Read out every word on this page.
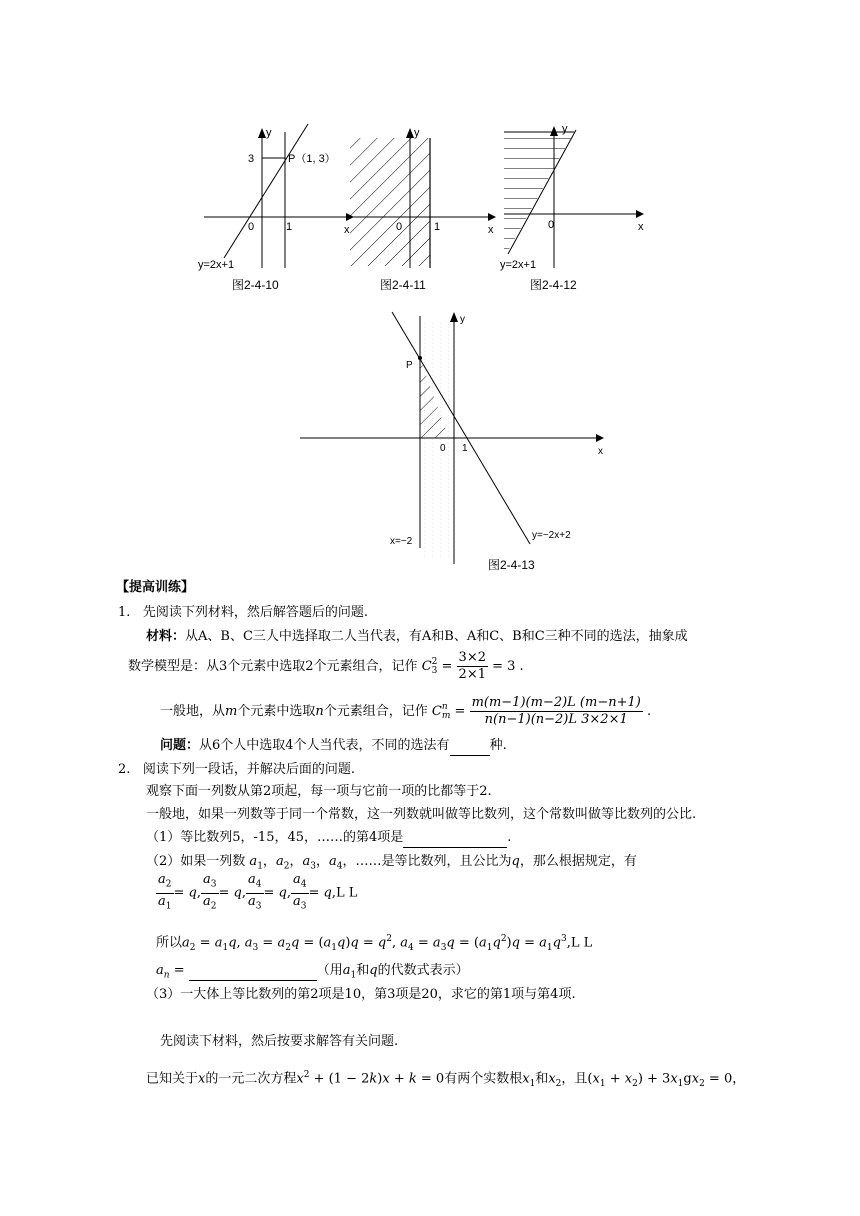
y
x
0	1
3	P（1, 3）
y=2x+1
图2-4-10
y
x
0	1
图2-4-11
y
x
0
y=2x+1
图2-4-12
y
x
0 1
P
x=−2
y=−2x+2
图2-4-13
【提高训练】
1. 先阅读下列材料，然后解答题后的问题.
材料：从A、B、C三人中选择取二人当代表，有A和B、A和C、B和C三种不同的选法，抽象成
数学模型是：从3个元素中选取2个元素组合，记作 C 2
$3 = \frac{3\times 2}{2\times 1} = 3$ .
一般地，从m个元素中选取n个元素组合，记作 C n
$m = \frac{m(m-1)(m-2)L (m-n+1)}{n(n-1)(n-2)L 3\times 2\times 1}$ .
问题：从6个人中选取4个人当代表，不同的选法有	种.
2. 阅读下列一段话，并解决后面的问题.
观察下面一列数从第2项起，每一项与它前一项的比都等于2.
一般地，如果一列数等于同一个常数，这一列数就叫做等比数列，这个常数叫做等比数列的公比.
（1）等比数列5，-15，45，……的第4项是	.
（2）如果一列数 $a_1$，$a_2$，$a_3$，$a_4$，……是等比数列，且公比为q，那么根据规定，有
$\frac{a_2}{a_1} = q$, $\frac{a_3}{a_2} = q$, $\frac{a_4}{a_3} = q$, $\frac{a_4}{a_3} = q,L$ L
所以$a_2 = a_1q$, $a_3 = a_2q = (a_1q)q = q^2$, $a_4 = a_3q = (a_1q^2)q = a_1q^3,L$ L
$a_n$ =	（用$a_1$和q的代数式表示）
（3）一大体上等比数列的第2项是10，第3项是20，求它的第1项与第4项.
先阅读下材料，然后按要求解答有关问题.
已知关于x的一元二次方程$x^2 + (1 - 2k)x + k = 0$有两个实数根$x_1$和$x_2$，且$(x_1 + x_2) + 3x_1gx_2 = 0$，
